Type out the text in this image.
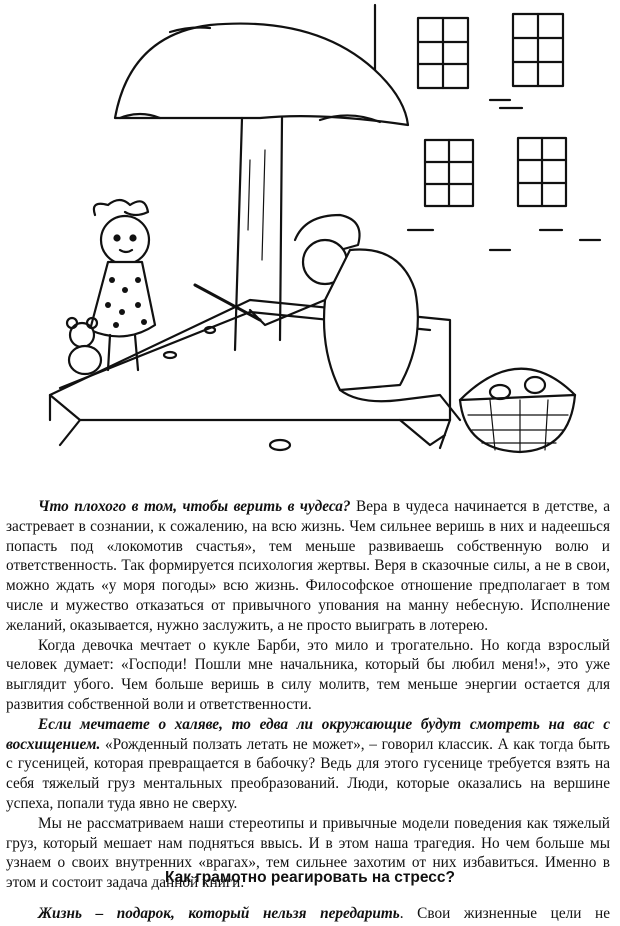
Что плохого в том, чтобы верить в чудеса? Вера в чудеса начинается в детстве, а застревает в сознании, к сожалению, на всю жизнь. Чем сильнее веришь в них и надеешься попасть под «локомотив счастья», тем меньше развиваешь собственную волю и ответственность. Так формируется психология жертвы. Веря в сказочные силы, а не в свои, можно ждать «у моря погоды» всю жизнь. Философское отношение предполагает в том числе и мужество отказаться от привычного упования на манну небесную. Исполнение желаний, оказывается, нужно заслужить, а не просто выиграть в лотерею.

Когда девочка мечтает о кукле Барби, это мило и трогательно. Но когда взрослый человек думает: «Господи! Пошли мне начальника, который бы любил меня!», это уже выглядит убого. Чем больше веришь в силу молитв, тем меньше энергии остается для развития собственной воли и ответственности.

Если мечтаете о халяве, то едва ли окружающие будут смотреть на вас с восхищением. «Рожденный ползать летать не может», – говорил классик. А как тогда быть с гусеницей, которая превращается в бабочку? Ведь для этого гусенице требуется взять на себя тяжелый груз ментальных преобразований. Люди, которые оказались на вершине успеха, попали туда явно не сверху.

Мы не рассматриваем наши стереотипы и привычные модели поведения как тяжелый груз, который мешает нам подняться ввысь. И в этом наша трагедия. Но чем больше мы узнаем о своих внутренних «врагах», тем сильнее захотим от них избавиться. Именно в этом и состоит задача данной книги.

Как грамотно реагировать на стресс?
Жизнь – подарок, который нельзя передарить. Свои жизненные цели не
